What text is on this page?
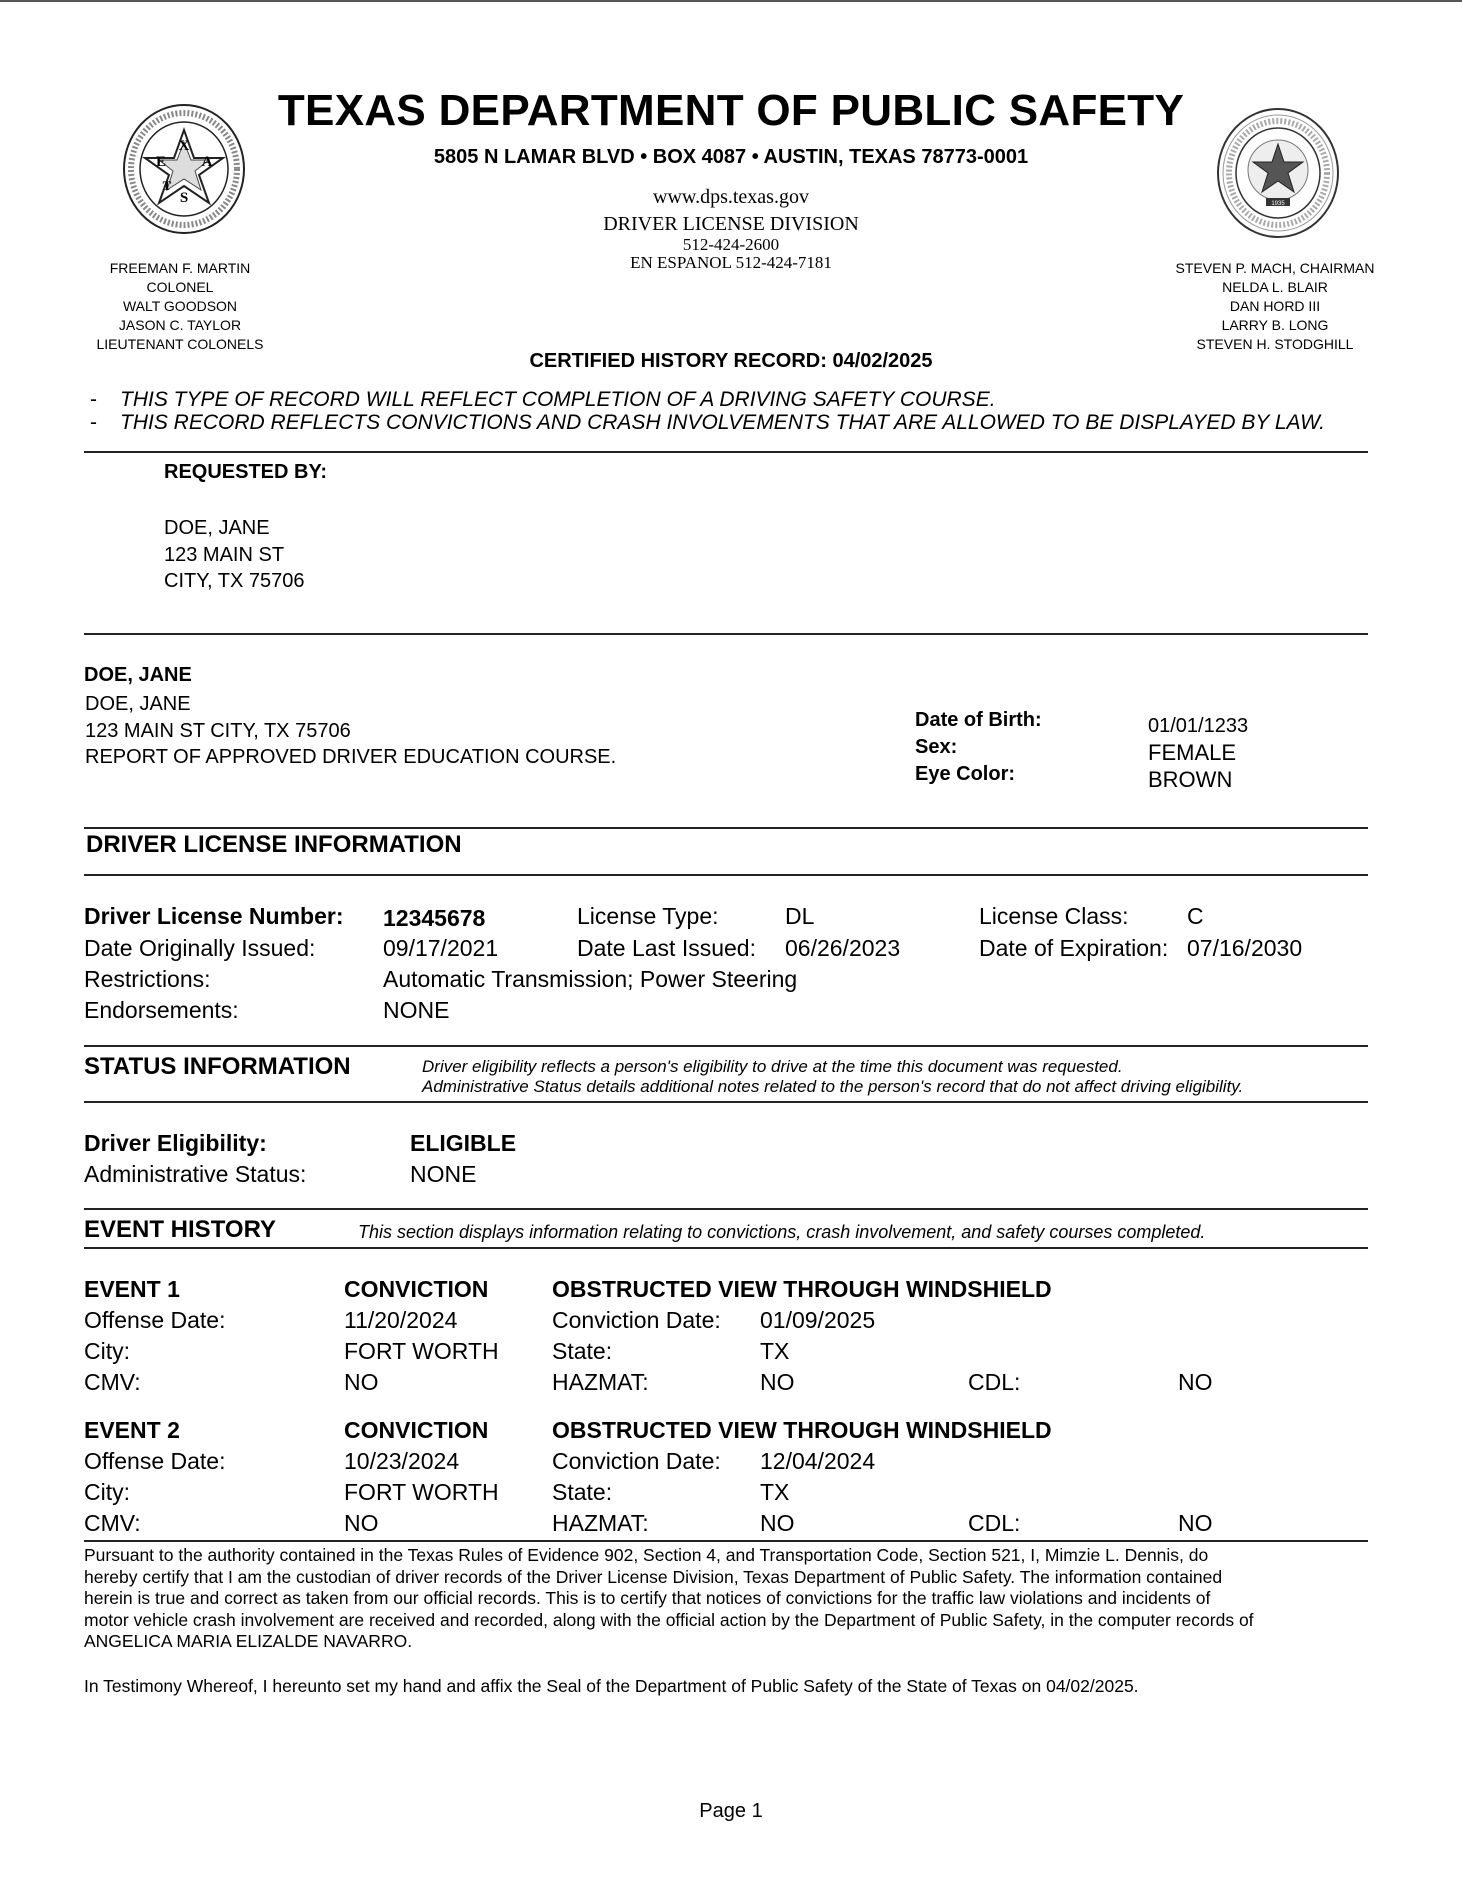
X
E A
S
T
1935
TEXAS DEPARTMENT OF PUBLIC SAFETY
5805 N LAMAR BLVD • BOX 4087 • AUSTIN, TEXAS 78773-0001
www.dps.texas.gov
DRIVER LICENSE DIVISION
512-424-2600
EN ESPANOL 512-424-7181
FREEMAN F. MARTIN
COLONEL
WALT GOODSON
JASON C. TAYLOR
LIEUTENANT COLONELS
STEVEN P. MACH, CHAIRMAN
NELDA L. BLAIR
DAN HORD III
LARRY B. LONG
STEVEN H. STODGHILL
CERTIFIED HISTORY RECORD: 04/02/2025
- THIS TYPE OF RECORD WILL REFLECT COMPLETION OF A DRIVING SAFETY COURSE.
- THIS RECORD REFLECTS CONVICTIONS AND CRASH INVOLVEMENTS THAT ARE ALLOWED TO BE DISPLAYED BY LAW.
REQUESTED BY:
DOE, JANE
123 MAIN ST
CITY, TX 75706
DOE, JANE
DOE, JANE
123 MAIN ST CITY, TX 75706
REPORT OF APPROVED DRIVER EDUCATION COURSE.
Date of Birth:	01/01/1233
Sex:	FEMALE
Eye Color:	BROWN
DRIVER LICENSE INFORMATION
Driver License Number: 12345678	License Type:	DL	License Class:	C
Date Originally Issued:	09/17/2021	Date Last Issued: 06/26/2023	Date of Expiration: 07/16/2030
Restrictions:	Automatic Transmission; Power Steering
Endorsements:	NONE
STATUS INFORMATION	Driver eligibility reflects a person's eligibility to drive at the time this document was requested.
Administrative Status details additional notes related to the person's record that do not affect driving eligibility.
Driver Eligibility:	ELIGIBLE
Administrative Status:	NONE
EVENT HISTORY	This section displays information relating to convictions, crash involvement, and safety courses completed.
EVENT 1	CONVICTION	OBSTRUCTED VIEW THROUGH WINDSHIELD
Offense Date:	11/20/2024	Conviction Date: 01/09/2025
City:	FORT WORTH State:	TX
CMV:	NO	HAZMAT:	NO	CDL:	NO
EVENT 2	CONVICTION	OBSTRUCTED VIEW THROUGH WINDSHIELD
Offense Date:	10/23/2024	Conviction Date: 12/04/2024
City:	FORT WORTH State:	TX
CMV:	NO	HAZMAT:	NO	CDL:	NO
Pursuant to the authority contained in the Texas Rules of Evidence 902, Section 4, and Transportation Code, Section 521, I, Mimzie L. Dennis, do
hereby certify that I am the custodian of driver records of the Driver License Division, Texas Department of Public Safety. The information contained
herein is true and correct as taken from our official records. This is to certify that notices of convictions for the traffic law violations and incidents of
motor vehicle crash involvement are received and recorded, along with the official action by the Department of Public Safety, in the computer records of
ANGELICA MARIA ELIZALDE NAVARRO.
In Testimony Whereof, I hereunto set my hand and affix the Seal of the Department of Public Safety of the State of Texas on 04/02/2025.
Page 1
